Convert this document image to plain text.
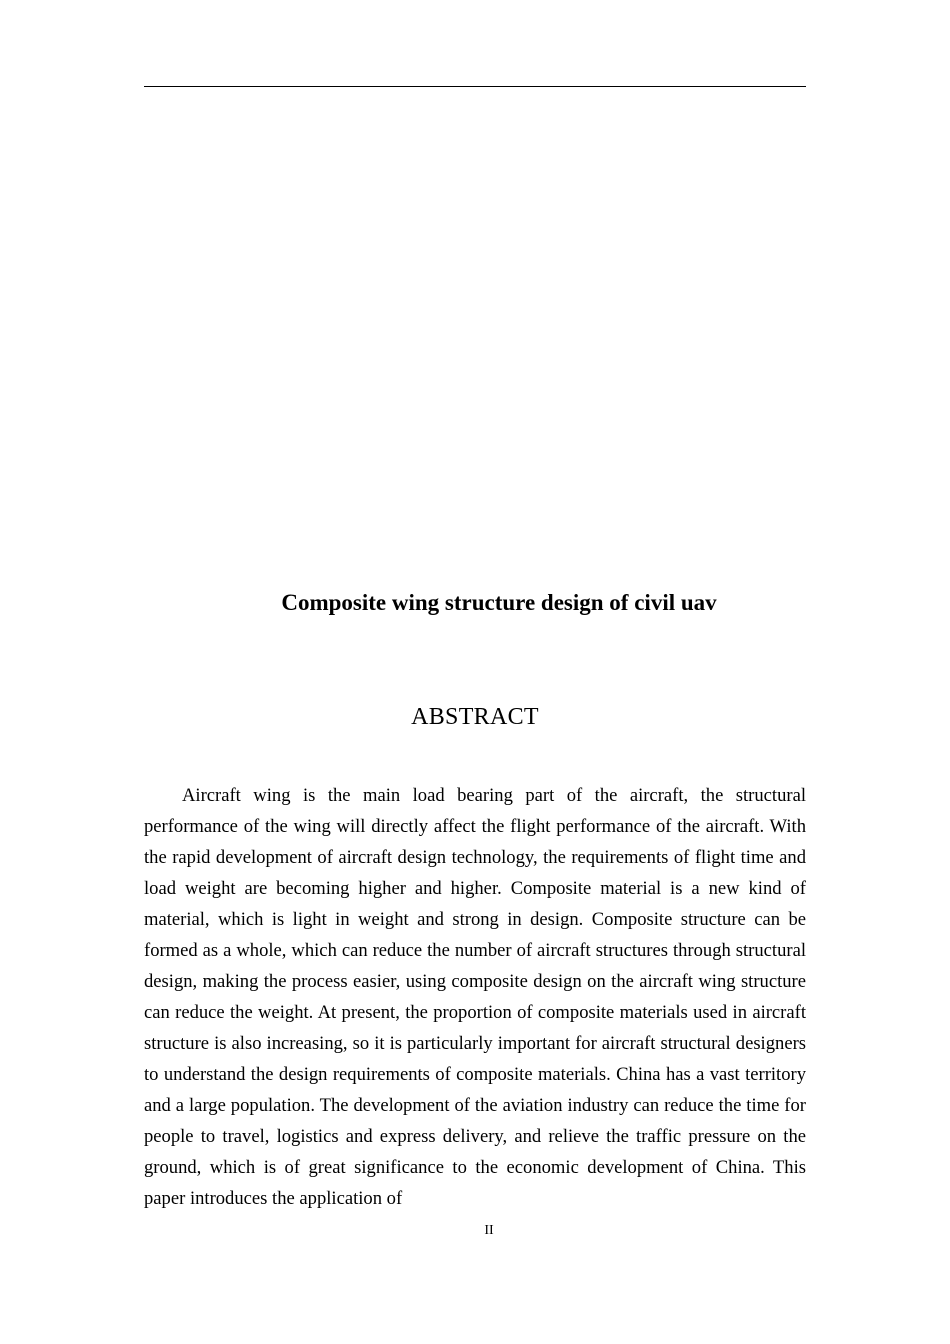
Composite wing structure design of civil uav
ABSTRACT

Aircraft wing is the main load bearing part of the aircraft, the structural performance of the wing will directly affect the flight performance of the aircraft. With the rapid development of aircraft design technology, the requirements of flight time and load weight are becoming higher and higher. Composite material is a new kind of material, which is light in weight and strong in design. Composite structure can be formed as a whole, which can reduce the number of aircraft structures through structural design, making the process easier, using composite design on the aircraft wing structure can reduce the weight. At present, the proportion of composite materials used in aircraft structure is also increasing, so it is particularly important for aircraft structural designers to understand the design requirements of composite materials. China has a vast territory and a large population. The development of the aviation industry can reduce the time for people to travel, logistics and express delivery, and relieve the traffic pressure on the ground, which is of great significance to the economic development of China. This paper introduces the application of

II
